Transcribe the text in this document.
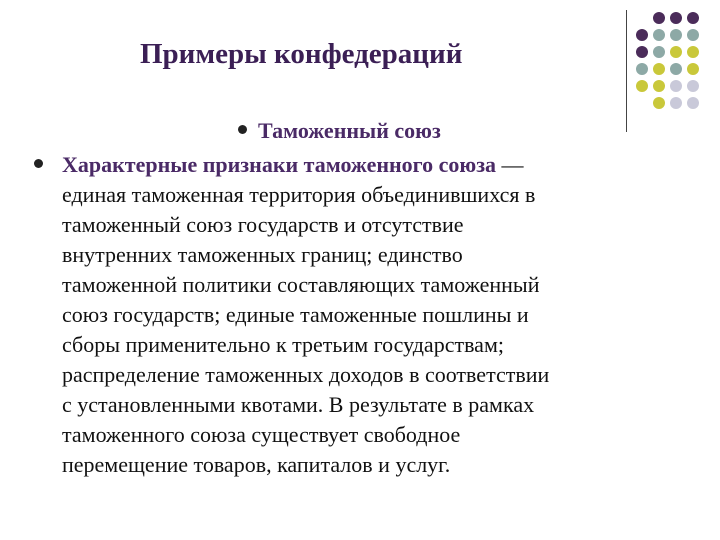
Примеры конфедераций
Таможенный союз
Характерные признаки таможенного союза —
единая таможенная территория объединившихся в
таможенный союз государств и отсутствие
внутренних таможенных границ; единство
таможенной политики составляющих таможенный
союз государств; единые таможенные пошлины и
сборы применительно к третьим государствам;
распределение таможенных доходов в соответствии
с установленными квотами. В результате в рамках
таможенного союза существует свободное
перемещение товаров, капиталов и услуг.
